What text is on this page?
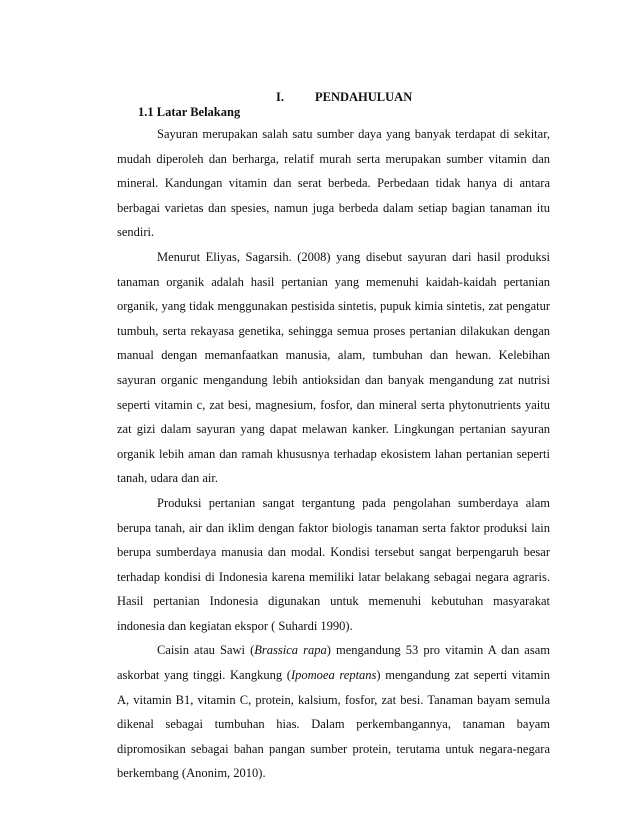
I. PENDAHULUAN
1.1 Latar Belakang

Sayuran merupakan salah satu sumber daya yang banyak terdapat di sekitar, mudah diperoleh dan berharga, relatif murah serta merupakan sumber vitamin dan mineral. Kandungan vitamin dan serat berbeda. Perbedaan tidak hanya di antara berbagai varietas dan spesies, namun juga berbeda dalam setiap bagian tanaman itu sendiri.

Menurut Eliyas, Sagarsih. (2008) yang disebut sayuran dari hasil produksi tanaman organik adalah hasil pertanian yang memenuhi kaidah-kaidah pertanian organik, yang tidak menggunakan pestisida sintetis, pupuk kimia sintetis, zat pengatur tumbuh, serta rekayasa genetika, sehingga semua proses pertanian dilakukan dengan manual dengan memanfaatkan manusia, alam, tumbuhan dan hewan. Kelebihan sayuran organic mengandung lebih antioksidan dan banyak mengandung zat nutrisi seperti vitamin c, zat besi, magnesium, fosfor, dan mineral serta phytonutrients yaitu zat gizi dalam sayuran yang dapat melawan kanker. Lingkungan pertanian sayuran organik lebih aman dan ramah khususnya terhadap ekosistem lahan pertanian seperti tanah, udara dan air.

Produksi pertanian sangat tergantung pada pengolahan sumberdaya alam berupa tanah, air dan iklim dengan faktor biologis tanaman serta faktor produksi lain berupa sumberdaya manusia dan modal. Kondisi tersebut sangat berpengaruh besar terhadap kondisi di Indonesia karena memiliki latar belakang sebagai negara agraris. Hasil pertanian Indonesia digunakan untuk memenuhi kebutuhan masyarakat indonesia dan kegiatan ekspor ( Suhardi 1990).

Caisin atau Sawi (Brassica rapa) mengandung 53 pro vitamin A dan asam askorbat yang tinggi. Kangkung (Ipomoea reptans) mengandung zat seperti vitamin A, vitamin B1, vitamin C, protein, kalsium, fosfor, zat besi. Tanaman bayam semula dikenal sebagai tumbuhan hias. Dalam perkembangannya, tanaman bayam dipromosikan sebagai bahan pangan sumber protein, terutama untuk negara-negara berkembang (Anonim, 2010).
